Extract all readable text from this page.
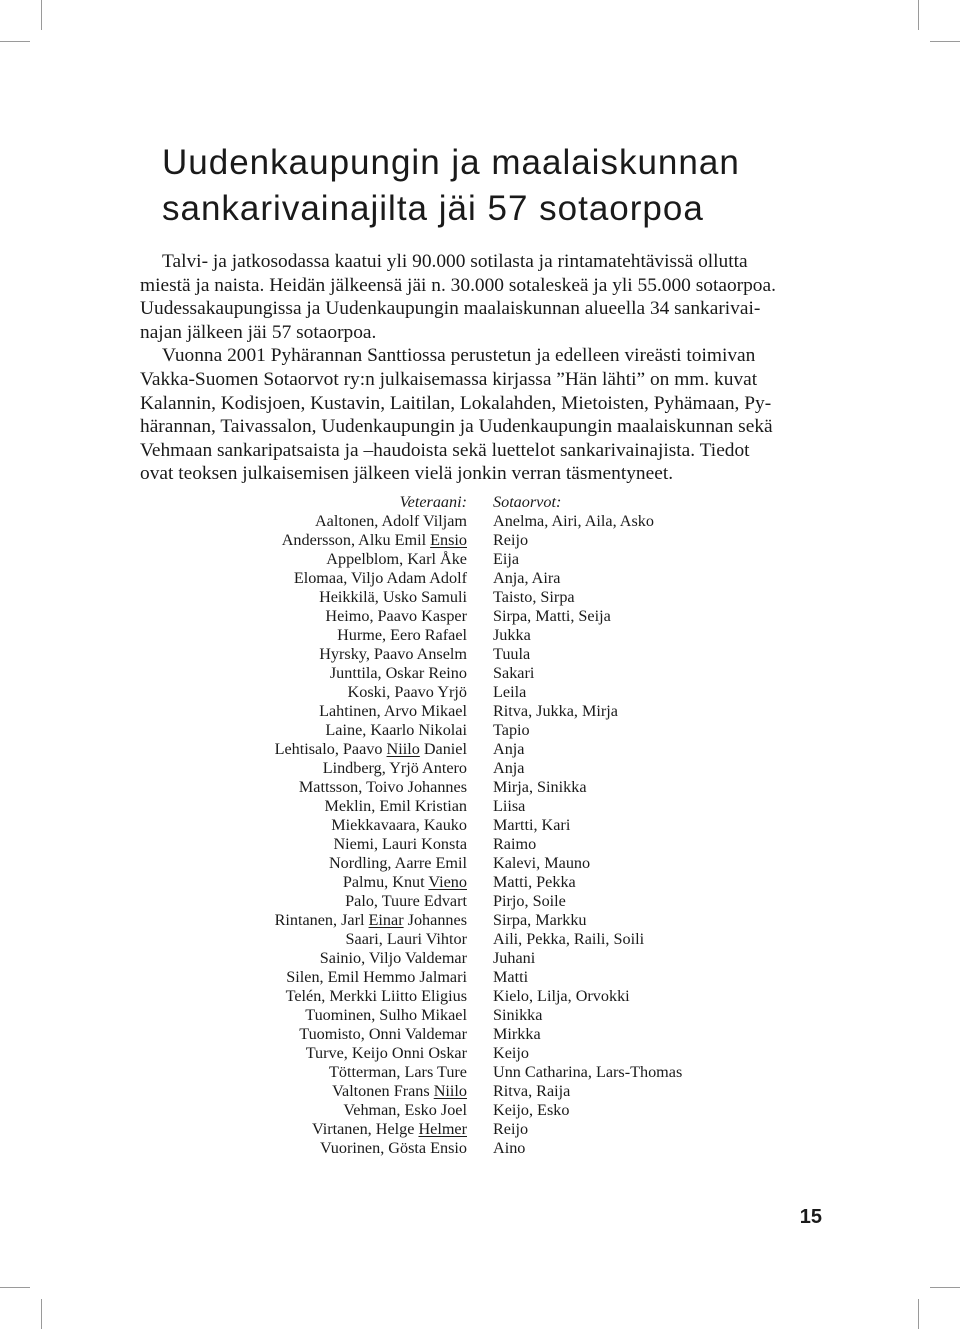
Uudenkaupungin ja maalaiskunnan
sankarivainajilta jäi 57 sotaorpoa

Talvi- ja jatkosodassa kaatui yli 90.000 sotilasta ja rintamatehtävissä ollutta
miestä ja naista. Heidän jälkeensä jäi n. 30.000 sotaleskeä ja yli 55.000 sotaorpoa.
Uudessakaupungissa ja Uudenkaupungin maalaiskunnan alueella 34 sankarivai-
najan jälkeen jäi 57 sotaorpoa.

Vuonna 2001 Pyhärannan Santtiossa perustetun ja edelleen vireästi toimivan
Vakka-Suomen Sotaorvot ry:n julkaisemassa kirjassa ”Hän lähti” on mm. kuvat
Kalannin, Kodisjoen, Kustavin, Laitilan, Lokalahden, Mietoisten, Pyhämaan, Py-
härannan, Taivassalon, Uudenkaupungin ja Uudenkaupungin maalaiskunnan sekä
Vehmaan sankaripatsaista ja –haudoista sekä luettelot sankarivainajista. Tiedot
ovat teoksen julkaisemisen jälkeen vielä jonkin verran täsmentyneet.

Veteraani:
Aaltonen, Adolf Viljam
Andersson, Alku Emil Ensio
Appelblom, Karl Åke
Elomaa, Viljo Adam Adolf
Heikkilä, Usko Samuli
Heimo, Paavo Kasper
Hurme, Eero Rafael
Hyrsky, Paavo Anselm
Junttila, Oskar Reino
Koski, Paavo Yrjö
Lahtinen, Arvo Mikael
Laine, Kaarlo Nikolai
Lehtisalo, Paavo Niilo Daniel
Lindberg, Yrjö Antero
Mattsson, Toivo Johannes
Meklin, Emil Kristian
Miekkavaara, Kauko
Niemi, Lauri Konsta
Nordling, Aarre Emil
Palmu, Knut Vieno
Palo, Tuure Edvart
Rintanen, Jarl Einar Johannes
Saari, Lauri Vihtor
Sainio, Viljo Valdemar
Silen, Emil Hemmo Jalmari
Telén, Merkki Liitto Eligius
Tuominen, Sulho Mikael
Tuomisto, Onni Valdemar
Turve, Keijo Onni Oskar
Tötterman, Lars Ture
Valtonen Frans Niilo
Vehman, Esko Joel
Virtanen, Helge Helmer
Vuorinen, Gösta Ensio
Sotaorvot:
Anelma, Airi, Aila, Asko
Reijo
Eija
Anja, Aira
Taisto, Sirpa
Sirpa, Matti, Seija
Jukka
Tuula
Sakari
Leila
Ritva, Jukka, Mirja
Tapio
Anja
Anja
Mirja, Sinikka
Liisa
Martti, Kari
Raimo
Kalevi, Mauno
Matti, Pekka
Pirjo, Soile
Sirpa, Markku
Aili, Pekka, Raili, Soili
Juhani
Matti
Kielo, Lilja, Orvokki
Sinikka
Mirkka
Keijo
Unn Catharina, Lars-Thomas
Ritva, Raija
Keijo, Esko
Reijo
Aino
15
